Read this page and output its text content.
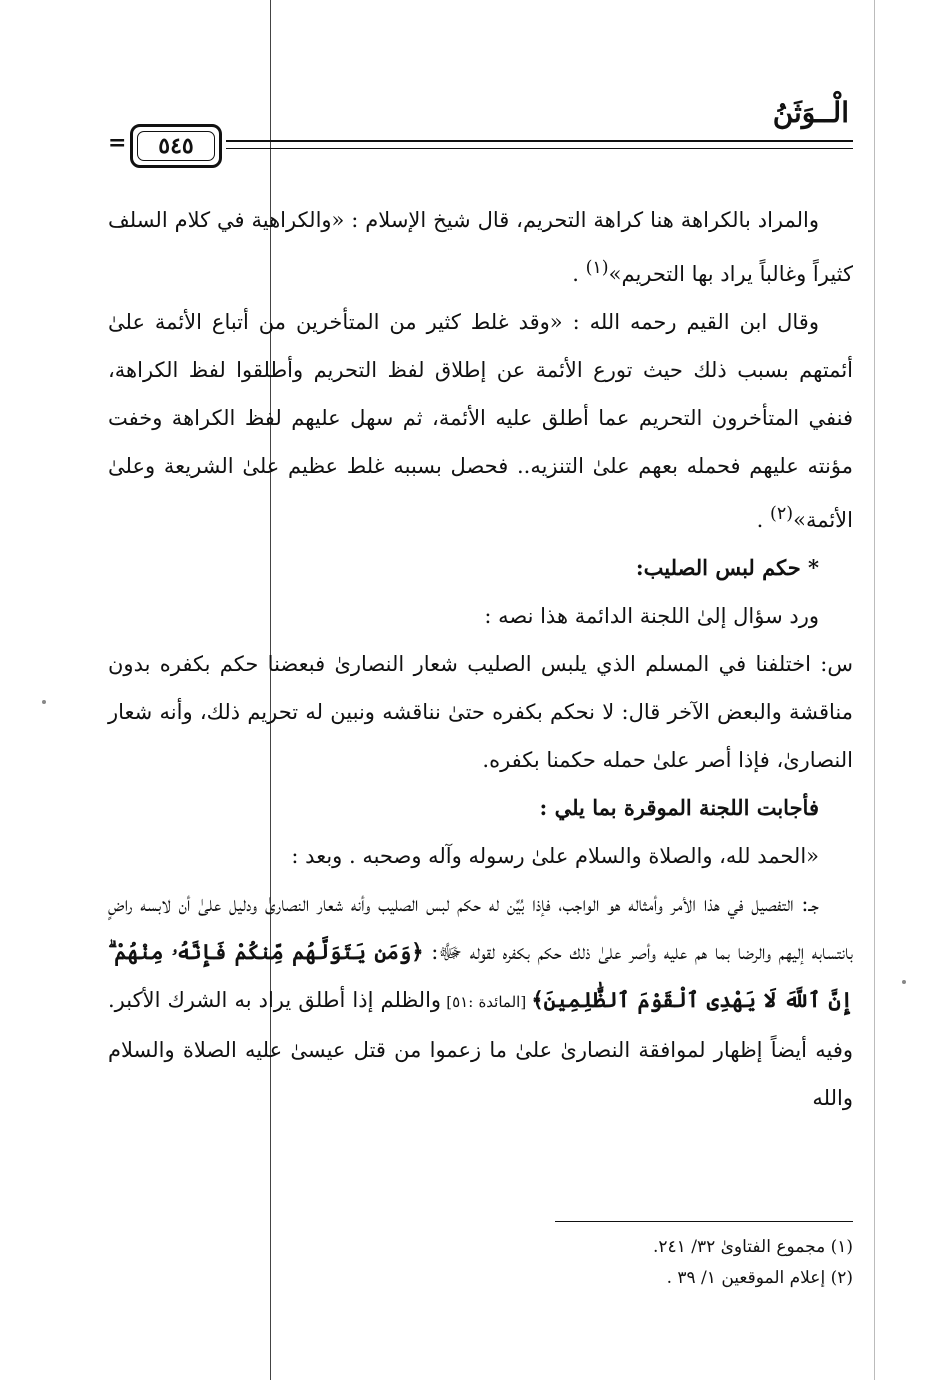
الْــوَثَنُ
= ٥٤٥

والمراد بالكراهة هنا كراهة التحريم، قال شيخ الإسلام : «والكراهية في كلام السلف كثيراً وغالباً يراد بها التحريم»$^{(١)}$ .

وقال ابن القيم رحمه الله : «وقد غلط كثير من المتأخرين من أتباع الأئمة علىٰ أئمتهم بسبب ذلك حيث تورع الأئمة عن إطلاق لفظ التحريم وأطلقوا لفظ الكراهة، فنفي المتأخرون التحريم عما أطلق عليه الأئمة، ثم سهل عليهم لفظ الكراهة وخفت مؤنته عليهم فحمله بعهم علىٰ التنزيه.. فحصل بسببه غلط عظيم علىٰ الشريعة وعلىٰ الأئمة»$^{(٢)}$ .

* حكم لبس الصليب:

ورد سؤال إلىٰ اللجنة الدائمة هذا نصه :

س: اختلفنا في المسلم الذي يلبس الصليب شعار النصارىٰ فبعضنا حكم بكفره بدون مناقشة والبعض الآخر قال: لا نحكم بكفره حتىٰ نناقشه ونبين له تحريم ذلك، وأنه شعار النصارىٰ، فإذا أصر علىٰ حمله حكمنا بكفره.

فأجابت اللجنة الموقرة بما يلي :

«الحمد لله، والصلاة والسلام علىٰ رسوله وآله وصحبه . وبعد :

جـ: التفصيل في هذا الأمر وأمثاله هو الواجب، فإذا بُيِّن له حكم لبس الصليب وأنه شعار النصارىٰ ودليل علىٰ أن لابسه راضٍ بانتسابه إليهم والرضا بما هم عليه وأصر علىٰ ذلك حكم بكفره لقوله ﷻ: ﴿وَمَن يَتَوَلَّهُم مِّنكُمْ فَإِنَّهُۥ مِنْهُمْ ۗ إِنَّ ٱللَّهَ لَا يَهْدِى ٱلْقَوْمَ ٱلظَّٰلِمِينَ﴾ [المائدة :٥١] والظلم إذا أطلق يراد به الشرك الأكبر. وفيه أيضاً إظهار لموافقة النصارىٰ علىٰ ما زعموا من قتل عيسىٰ عليه الصلاة والسلام والله

(١) مجموع الفتاوىٰ ٣٢/ ٢٤١.

(٢) إعلام الموقعين ١/ ٣٩ .
